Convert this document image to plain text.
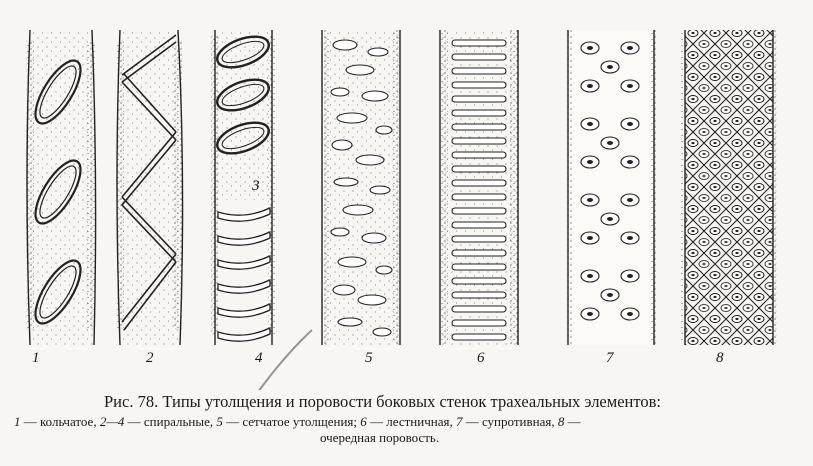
3
1	2	4	5	6	7	8
Рис. 78. Типы утолщения и поровости боковых стенок трахеальных элементов:
1 — кольчатое, 2—4 — спиральные, 5 — сетчатое утолщения; 6 — лестничная, 7 — супротивная, 8 —
очередная поровость.
